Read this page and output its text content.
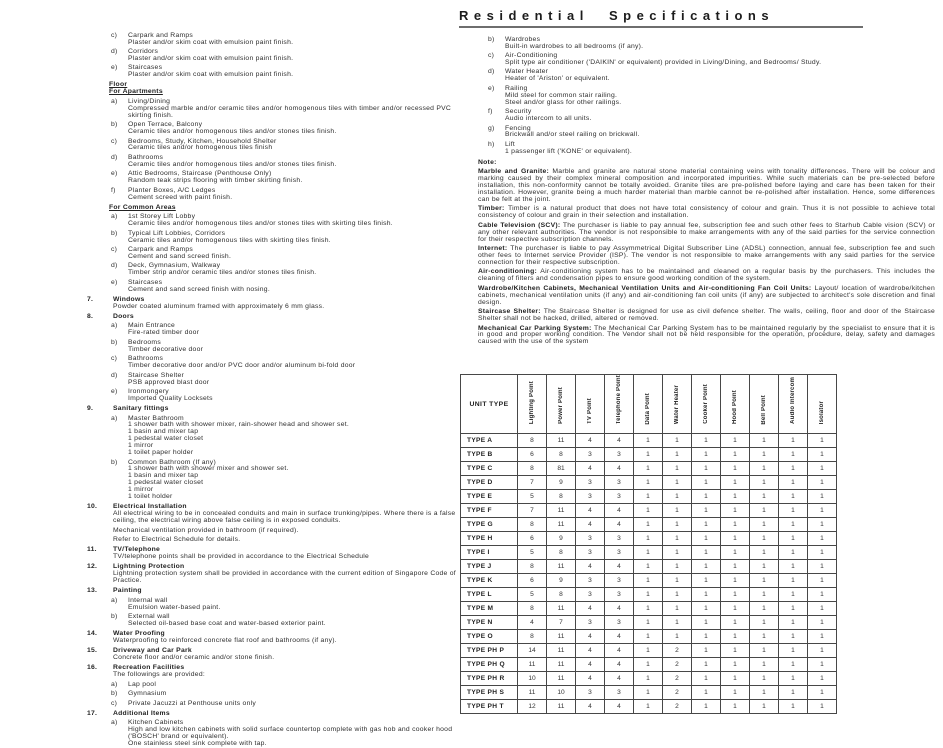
Residential Specifications
c) Carpark and Ramps
Plaster and/or skim coat with emulsion paint finish.
d) Corridors
Plaster and/or skim coat with emulsion paint finish.
e) Staircases
Plaster and/or skim coat with emulsion paint finish.
Floor
For Apartments
a) Living/Dining
Compressed marble and/or ceramic tiles and/or homogenous tiles with timber and/or recessed PVC skirting finish.
b) Open Terrace, Balcony
Ceramic tiles and/or homogenous tiles and/or stones tiles finish.
c) Bedrooms, Study, Kitchen, Household Shelter
Ceramic tiles and/or homogenous tiles finish
d) Bathrooms
Ceramic tiles and/or homogenous tiles and/or stones tiles finish.
e) Attic Bedrooms, Staircase (Penthouse Only)
Random teak strips flooring with timber skirting finish.
f) Planter Boxes, A/C Ledges
Cement screed with paint finish.
For Common Areas
a) 1st Storey Lift Lobby
Ceramic tiles and/or homogenous tiles and/or stones tiles with skirting tiles finish.
b) Typical Lift Lobbies, Corridors
Ceramic tiles and/or homogenous tiles with skirting tiles finish.
c) Carpark and Ramps
Cement and sand screed finish.
d) Deck, Gymnasium, Walkway
Timber strip and/or ceramic tiles and/or stones tiles finish.
e) Staircases
Cement and sand screed finish with nosing.
7.	Windows
Powder coated aluminum framed with approximately 6 mm glass.
8.	Doors
a) Main Entrance
Fire-rated timber door
b) Bedrooms
Timber decorative door
c) Bathrooms
Timber decorative door and/or PVC door and/or aluminum bi-fold door
d) Staircase Shelter
PSB approved blast door
e) Ironmongery
Imported Quality Locksets
9.	Sanitary fittings
a) Master Bathroom
1 shower bath with shower mixer, rain-shower head and shower set.
1 basin and mixer tap
1 pedestal water closet
1 mirror
1 toilet paper holder
b) Common Bathroom (If any)
1 shower bath with shower mixer and shower set.
1 basin and mixer tap
1 pedestal water closet
1 mirror
1 toilet holder
10. Electrical Installation
All electrical wiring to be in concealed conduits and main in surface trunking/pipes. Where there is a false ceiling, the electrical wiring above false ceiling is in exposed conduits.
Mechanical ventilation provided in bathroom (if required).
Refer to Electrical Schedule for details.
11. TV/Telephone
TV/telephone points shall be provided in accordance to the Electrical Schedule
12. Lightning Protection
Lightning protection system shall be provided in accordance with the current edition of Singapore Code of Practice.
13. Painting
a) Internal wall
Emulsion water-based paint.
b) External wall
Selected oil-based base coat and water-based exterior paint.
14. Water Proofing
Waterproofing to reinforced concrete flat roof and bathrooms (if any).
15. Driveway and Car Park
Concrete floor and/or ceramic and/or stone finish.
16. Recreation Facilities
The followings are provided:
a) Lap pool
b) Gymnasium
c) Private Jacuzzi at Penthouse units only
17. Additional Items
a) Kitchen Cabinets
High and low kitchen cabinets with solid surface countertop complete with gas hob and cooker hood ('BOSCH' brand or equivalent).
One stainless steel sink complete with tap.
b) Wardrobes
Built-in wardrobes to all bedrooms (if any).
c) Air-Conditioning
Split type air conditioner ('DAIKIN' or equivalent) provided in Living/Dining, and Bedrooms/ Study.
d) Water Heater
Heater of 'Ariston' or equivalent.
e) Railing
Mild steel for common stair railing.
Steel and/or glass for other railings.
f) Security
Audio intercom to all units.
g) Fencing
Brickwall and/or steel railing on brickwall.
h) Lift
1 passenger lift ('KONE' or equivalent).
Note:
Marble and Granite: Marble and granite are natural stone material containing veins with tonality differences. There will be colour and marking caused by their complex mineral composition and incorporated impurities. While such materials can be pre-selected before installation, this non-conformity cannot be totally avoided. Granite tiles are pre-polished before laying and care has been taken for their installation. However, granite being a much harder material than marble cannot be re-polished after installation. Hence, some differences can be felt at the joint.
Timber: Timber is a natural product that does not have total consistency of colour and grain. Thus it is not possible to achieve total consistency of colour and grain in their selection and installation.
Cable Television (SCV): The purchaser is liable to pay annual fee, subscription fee and such other fees to Starhub Cable vision (SCV) or any other relevant authorities. The vendor is not responsible to make arrangements with any of the said parties for the service connection for their respective subscription channels.
Internet: The purchaser is liable to pay Assymmetrical Digital Subscriber Line (ADSL) connection, annual fee, subscription fee and such other fees to Internet service Provider (ISP). The vendor is not responsible to make arrangements with any said parties for the service connection for their respective subscription.
Air-conditioning: Air-conditioning system has to be maintained and cleaned on a regular basis by the purchasers. This includes the cleaning of filters and condensation pipes to ensure good working condition of the system.
Wardrobe/Kitchen Cabinets, Mechanical Ventilation Units and Air-conditioning Fan Coil Units: Layout/ location of wardrobe/kitchen cabinets, mechanical ventilation units (if any) and air-conditioning fan coil units (if any) are subjected to architect's sole discretion and final design.
Staircase Shelter: The Staircase Shelter is designed for use as civil defence shelter. The walls, ceiling, floor and door of the Staircase Shelter shall not be hacked, drilled, altered or removed.
Mechanical Car Parking System: The Mechanical Car Parking System has to be maintained regularly by the specialist to ensure that it is in good and proper working condition. The Vendor shall not be held responsible for the operation, procedure, delay, safety and damages caused with the use of the system
UNIT TYPE	Lighting Point	Power Point	TV Point	Telephone Point	Data Point	Water Heater	Cooker Point	Hood Point	Bell Point	Audio Intercom	Isolator
TYPE A	8	11	4	4	1	1	1	1	1	1	1
TYPE B	6	8	3	3	1	1	1	1	1	1	1
TYPE C	8	81	4	4	1	1	1	1	1	1	1
TYPE D	7	9	3	3	1	1	1	1	1	1	1
TYPE E	5	8	3	3	1	1	1	1	1	1	1
TYPE F	7	11	4	4	1	1	1	1	1	1	1
TYPE G	8	11	4	4	1	1	1	1	1	1	1
TYPE H	6	9	3	3	1	1	1	1	1	1	1
TYPE I	5	8	3	3	1	1	1	1	1	1	1
TYPE J	8	11	4	4	1	1	1	1	1	1	1
TYPE K	6	9	3	3	1	1	1	1	1	1	1
TYPE L	5	8	3	3	1	1	1	1	1	1	1
TYPE M	8	11	4	4	1	1	1	1	1	1	1
TYPE N	4	7	3	3	1	1	1	1	1	1	1
TYPE O	8	11	4	4	1	1	1	1	1	1	1
TYPE PH P	14	11	4	4	1	2	1	1	1	1	1
TYPE PH Q	11	11	4	4	1	2	1	1	1	1	1
TYPE PH R	10	11	4	4	1	2	1	1	1	1	1
TYPE PH S	11	10	3	3	1	2	1	1	1	1	1
TYPE PH T	12	11	4	4	1	2	1	1	1	1	1
